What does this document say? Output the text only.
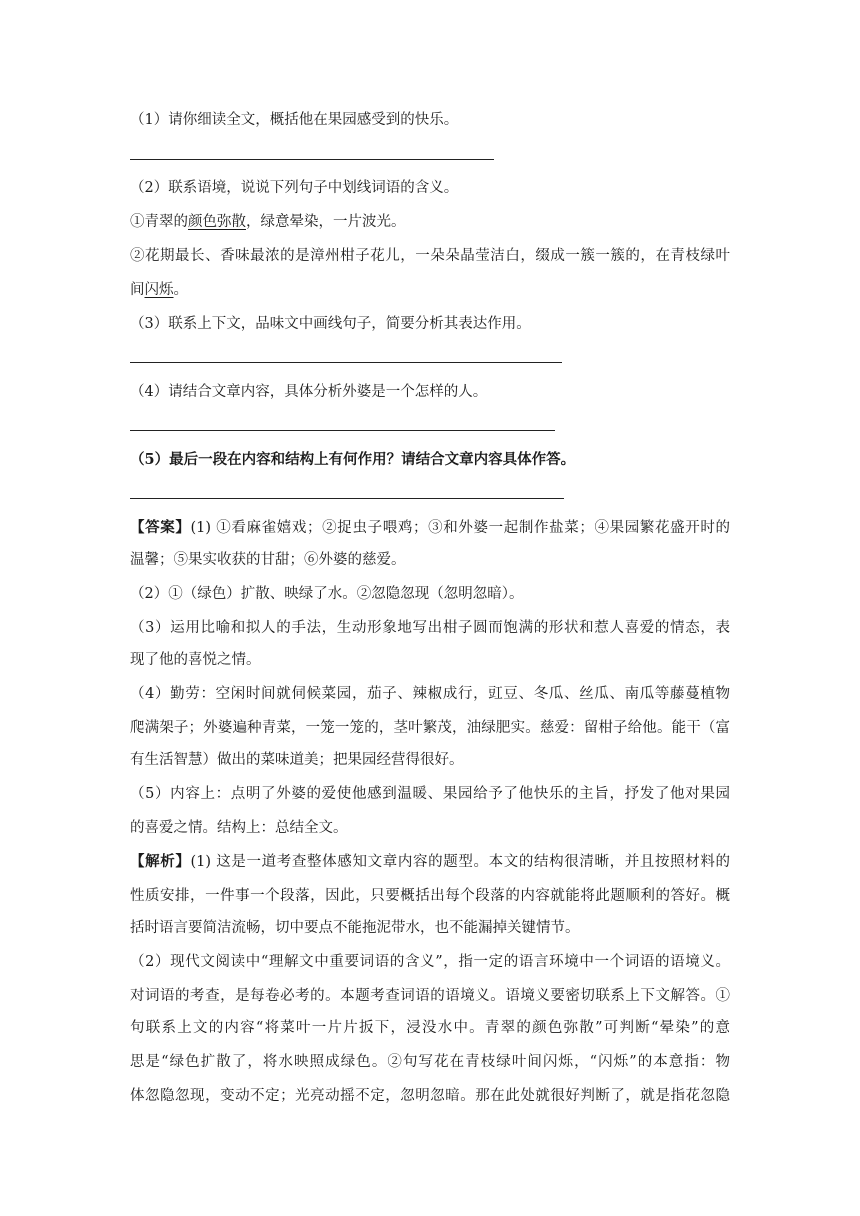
（1）请你细读全文，概括他在果园感受到的快乐。
（2）联系语境，说说下列句子中划线词语的含义。
①青翠的颜色弥散，绿意晕染，一片波光。
②花期最长、香味最浓的是漳州柑子花儿，一朵朵晶莹洁白，缀成一簇一簇的，在青枝绿叶
间闪烁。
（3）联系上下文，品味文中画线句子，简要分析其表达作用。
（4）请结合文章内容，具体分析外婆是一个怎样的人。
（5）最后一段在内容和结构上有何作用？请结合文章内容具体作答。
【答案】(1) ①看麻雀嬉戏；②捉虫子喂鸡；③和外婆一起制作盐菜；④果园繁花盛开时的
温馨；⑤果实收获的甘甜；⑥外婆的慈爱。
（2）①（绿色）扩散、映绿了水。②忽隐忽现（忽明忽暗）。
（3）运用比喻和拟人的手法，生动形象地写出柑子圆而饱满的形状和惹人喜爱的情态，表
现了他的喜悦之情。
（4）勤劳：空闲时间就伺候菜园，茄子、辣椒成行，豇豆、冬瓜、丝瓜、南瓜等藤蔓植物
爬满架子；外婆遍种青菜，一笼一笼的，茎叶繁茂，油绿肥实。慈爱：留柑子给他。能干（富
有生活智慧）做出的菜味道美；把果园经营得很好。
（5）内容上：点明了外婆的爱使他感到温暖、果园给予了他快乐的主旨，抒发了他对果园
的喜爱之情。结构上：总结全文。
【解析】(1) 这是一道考查整体感知文章内容的题型。本文的结构很清晰，并且按照材料的
性质安排，一件事一个段落，因此，只要概括出每个段落的内容就能将此题顺利的答好。概
括时语言要简洁流畅，切中要点不能拖泥带水，也不能漏掉关键情节。
（2）现代文阅读中“理解文中重要词语的含义”，指一定的语言环境中一个词语的语境义。
对词语的考查，是每卷必考的。本题考查词语的语境义。语境义要密切联系上下文解答。①
句联系上文的内容“将菜叶一片片扳下，浸没水中。青翠的颜色弥散”可判断“晕染”的意
思是“绿色扩散了，将水映照成绿色。②句写花在青枝绿叶间闪烁，“闪烁”的本意指：物
体忽隐忽现，变动不定；光亮动摇不定，忽明忽暗。那在此处就很好判断了，就是指花忽隐
